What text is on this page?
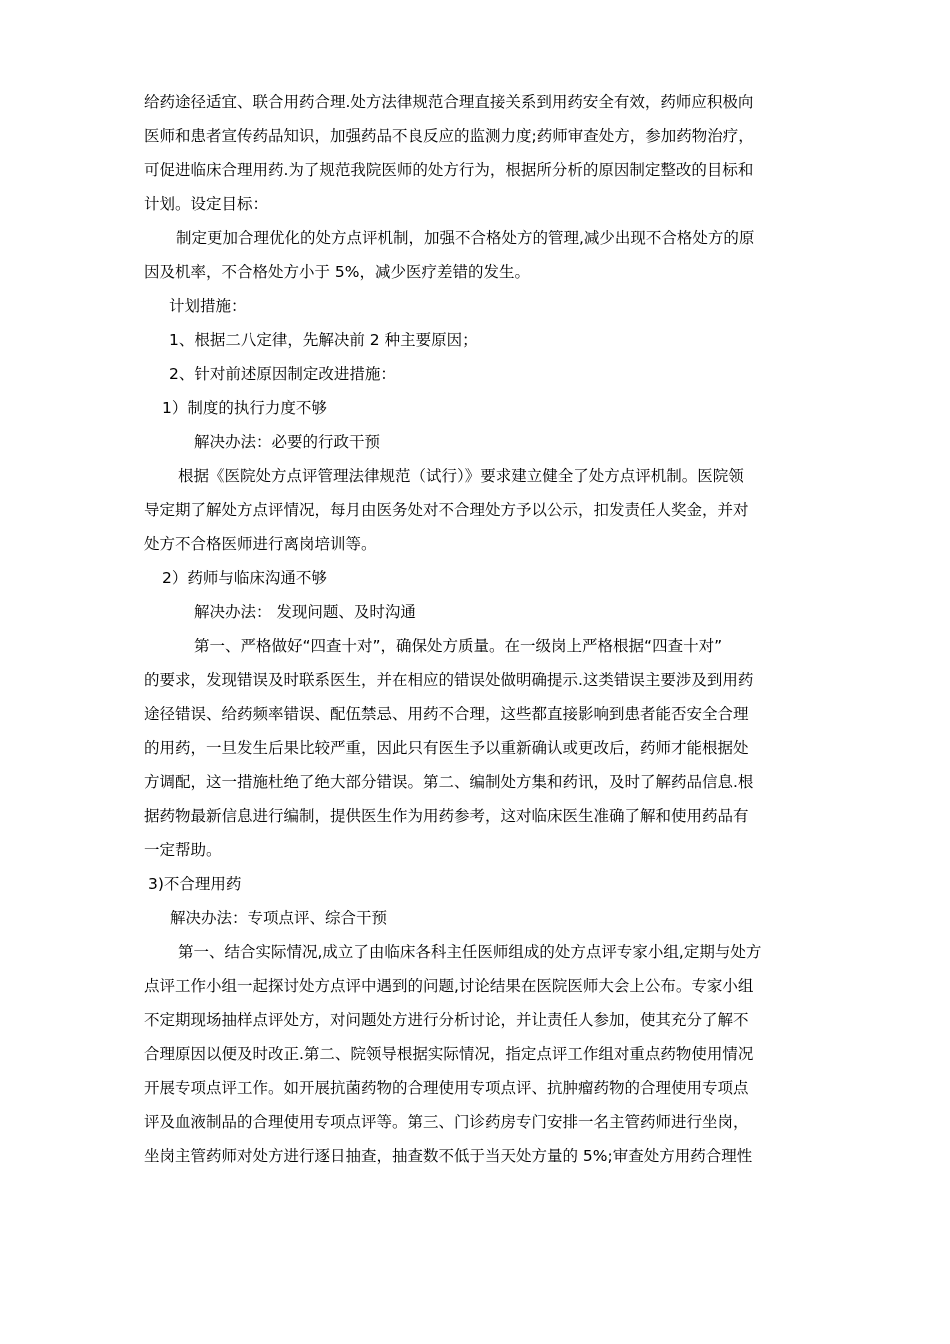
给药途径适宜、联合用药合理.处方法律规范合理直接关系到用药安全有效，药师应积极向
医师和患者宣传药品知识，加强药品不良反应的监测力度;药师审查处方，参加药物治疗，
可促进临床合理用药.为了规范我院医师的处方行为，根据所分析的原因制定整改的目标和
计划。设定目标：
制定更加合理优化的处方点评机制，加强不合格处方的管理,减少出现不合格处方的原
因及机率，不合格处方小于 5%，减少医疗差错的发生。
计划措施：
1、根据二八定律，先解决前 2 种主要原因；
2、针对前述原因制定改进措施：
1）制度的执行力度不够
解决办法：必要的行政干预
根据《医院处方点评管理法律规范（试行）》要求建立健全了处方点评机制。医院领
导定期了解处方点评情况，每月由医务处对不合理处方予以公示，扣发责任人奖金，并对
处方不合格医师进行离岗培训等。
2）药师与临床沟通不够
解决办法： 发现问题、及时沟通
第一、严格做好“四查十对”，确保处方质量。在一级岗上严格根据“四查十对”
的要求，发现错误及时联系医生，并在相应的错误处做明确提示.这类错误主要涉及到用药
途径错误、给药频率错误、配伍禁忌、用药不合理，这些都直接影响到患者能否安全合理
的用药，一旦发生后果比较严重，因此只有医生予以重新确认或更改后，药师才能根据处
方调配，这一措施杜绝了绝大部分错误。第二、编制处方集和药讯，及时了解药品信息.根
据药物最新信息进行编制，提供医生作为用药参考，这对临床医生准确了解和使用药品有
一定帮助。
3)不合理用药
解决办法：专项点评、综合干预
第一、结合实际情况,成立了由临床各科主任医师组成的处方点评专家小组,定期与处方
点评工作小组一起探讨处方点评中遇到的问题,讨论结果在医院医师大会上公布。专家小组
不定期现场抽样点评处方，对问题处方进行分析讨论，并让责任人参加，使其充分了解不
合理原因以便及时改正.第二、院领导根据实际情况，指定点评工作组对重点药物使用情况
开展专项点评工作。如开展抗菌药物的合理使用专项点评、抗肿瘤药物的合理使用专项点
评及血液制品的合理使用专项点评等。第三、门诊药房专门安排一名主管药师进行坐岗，
坐岗主管药师对处方进行逐日抽查，抽查数不低于当天处方量的 5%;审查处方用药合理性
